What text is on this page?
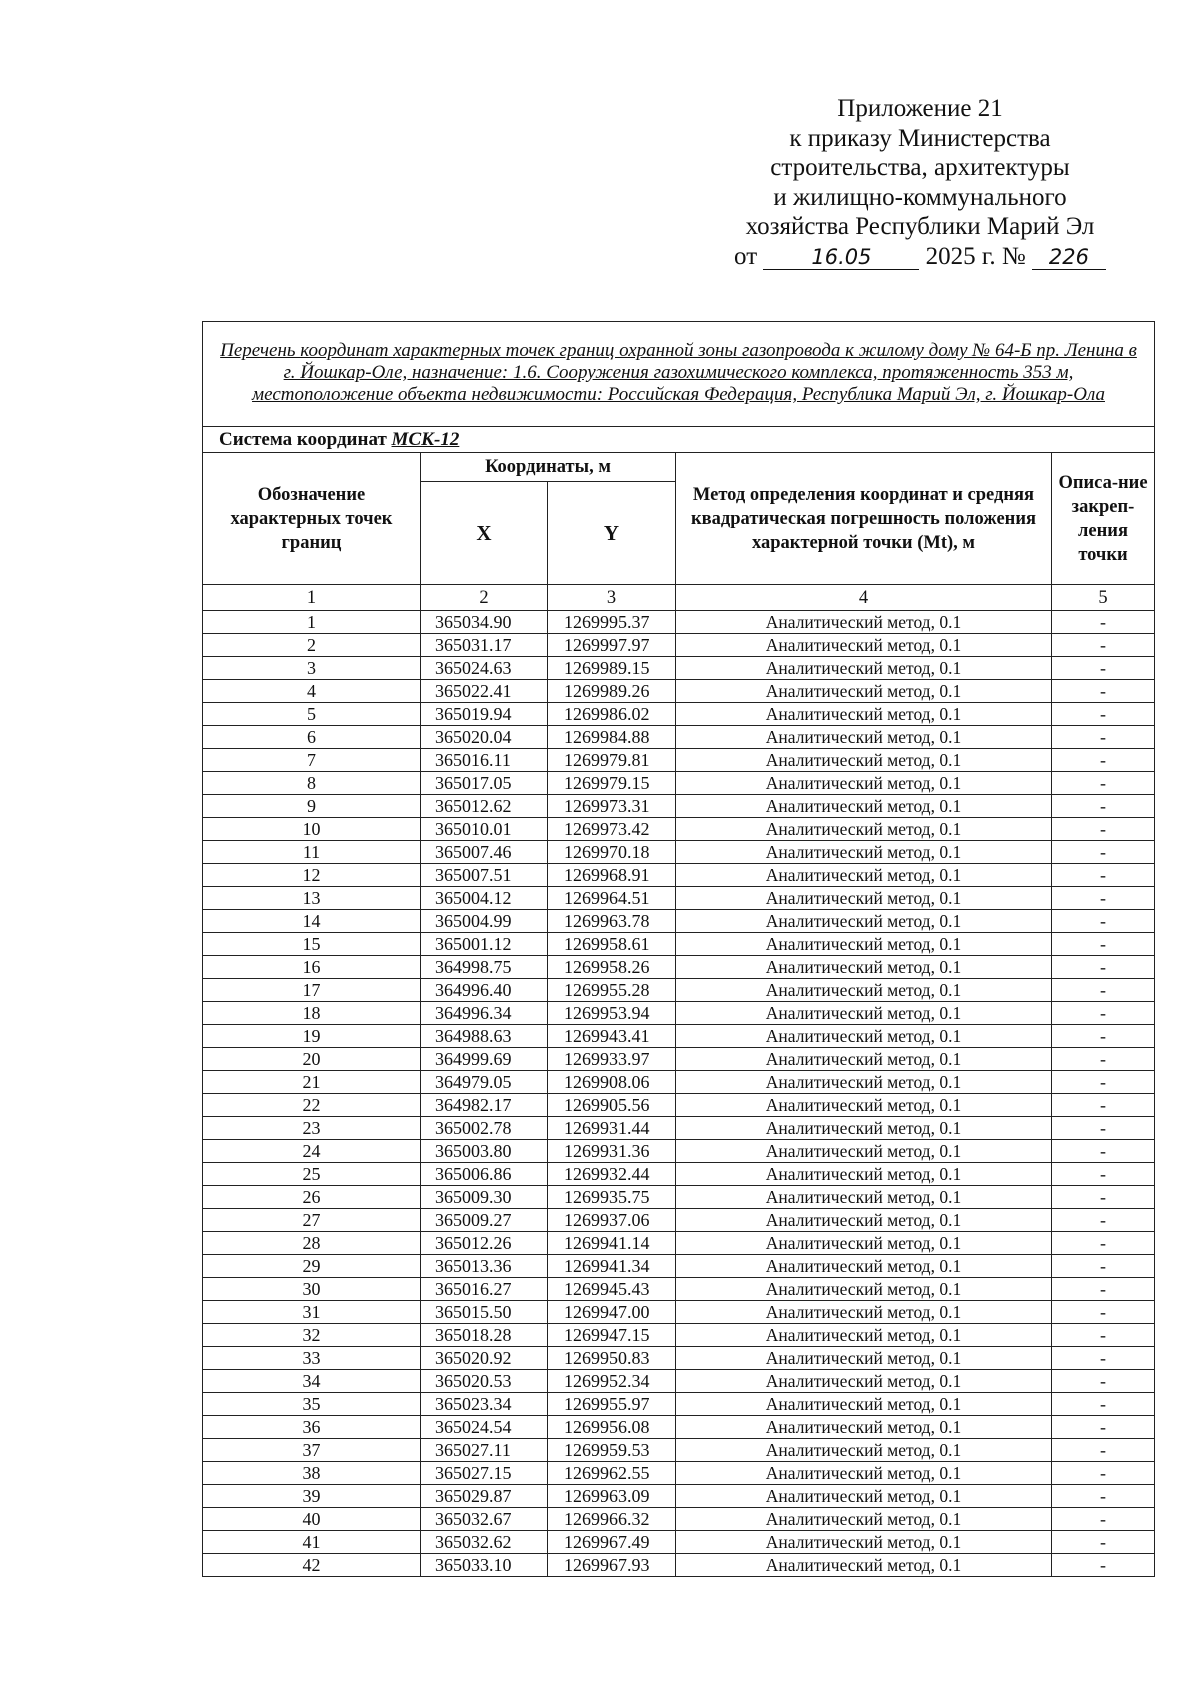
Приложение 21
к приказу Министерства
строительства, архитектуры
и жилищно-коммунального
хозяйства Республики Марий Эл
от	16.05 2025 г. № 226
Перечень координат характерных точек границ охранной зоны газопровода к жилому дому № 64-Б пр. Ленина в г. Йошкар-Оле, назначение: 1.6. Сооружения газохимического комплекса, протяженность 353 м, местоположение объекта недвижимости: Российская Федерация, Республика Марий Эл, г. Йошкар-Ола				
Система координат МСК-12				
Обозначение характерных точек границ	Координаты, м		Метод определения координат и средняя квадратическая погрешность положения характерной точки (Mt), м	Описа-ние закреп-ления точки
	X	Y		
1	2	3	4	5
1	365034.90	1269995.37	Аналитический метод, 0.1	-
2	365031.17	1269997.97	Аналитический метод, 0.1	-
3	365024.63	1269989.15	Аналитический метод, 0.1	-
4	365022.41	1269989.26	Аналитический метод, 0.1	-
5	365019.94	1269986.02	Аналитический метод, 0.1	-
6	365020.04	1269984.88	Аналитический метод, 0.1	-
7	365016.11	1269979.81	Аналитический метод, 0.1	-
8	365017.05	1269979.15	Аналитический метод, 0.1	-
9	365012.62	1269973.31	Аналитический метод, 0.1	-
10	365010.01	1269973.42	Аналитический метод, 0.1	-
11	365007.46	1269970.18	Аналитический метод, 0.1	-
12	365007.51	1269968.91	Аналитический метод, 0.1	-
13	365004.12	1269964.51	Аналитический метод, 0.1	-
14	365004.99	1269963.78	Аналитический метод, 0.1	-
15	365001.12	1269958.61	Аналитический метод, 0.1	-
16	364998.75	1269958.26	Аналитический метод, 0.1	-
17	364996.40	1269955.28	Аналитический метод, 0.1	-
18	364996.34	1269953.94	Аналитический метод, 0.1	-
19	364988.63	1269943.41	Аналитический метод, 0.1	-
20	364999.69	1269933.97	Аналитический метод, 0.1	-
21	364979.05	1269908.06	Аналитический метод, 0.1	-
22	364982.17	1269905.56	Аналитический метод, 0.1	-
23	365002.78	1269931.44	Аналитический метод, 0.1	-
24	365003.80	1269931.36	Аналитический метод, 0.1	-
25	365006.86	1269932.44	Аналитический метод, 0.1	-
26	365009.30	1269935.75	Аналитический метод, 0.1	-
27	365009.27	1269937.06	Аналитический метод, 0.1	-
28	365012.26	1269941.14	Аналитический метод, 0.1	-
29	365013.36	1269941.34	Аналитический метод, 0.1	-
30	365016.27	1269945.43	Аналитический метод, 0.1	-
31	365015.50	1269947.00	Аналитический метод, 0.1	-
32	365018.28	1269947.15	Аналитический метод, 0.1	-
33	365020.92	1269950.83	Аналитический метод, 0.1	-
34	365020.53	1269952.34	Аналитический метод, 0.1	-
35	365023.34	1269955.97	Аналитический метод, 0.1	-
36	365024.54	1269956.08	Аналитический метод, 0.1	-
37	365027.11	1269959.53	Аналитический метод, 0.1	-
38	365027.15	1269962.55	Аналитический метод, 0.1	-
39	365029.87	1269963.09	Аналитический метод, 0.1	-
40	365032.67	1269966.32	Аналитический метод, 0.1	-
41	365032.62	1269967.49	Аналитический метод, 0.1	-
42	365033.10	1269967.93	Аналитический метод, 0.1	-
